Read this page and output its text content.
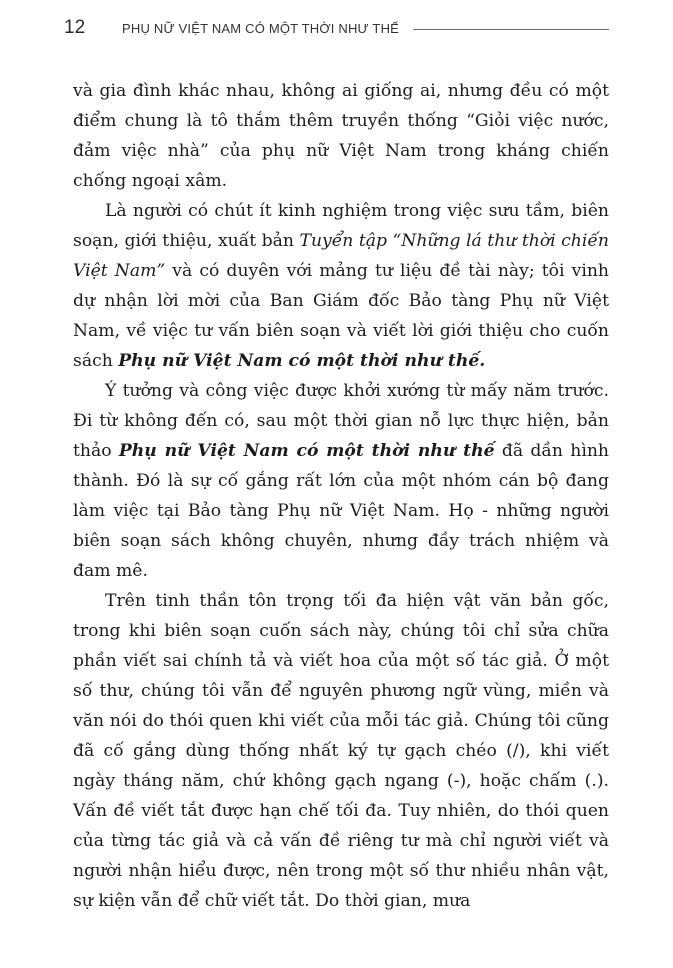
12	PHỤ NỮ VIỆT NAM CÓ MỘT THỜI NHƯ THẾ

và gia đình khác nhau, không ai giống ai, nhưng đều có một điểm chung là tô thắm thêm truyền thống “Giỏi việc nước, đảm việc nhà” của phụ nữ Việt Nam trong kháng chiến chống ngoại xâm.

Là người có chút ít kinh nghiệm trong việc sưu tầm, biên soạn, giới thiệu, xuất bản Tuyển tập “Những lá thư thời chiến Việt Nam” và có duyên với mảng tư liệu đề tài này; tôi vinh dự nhận lời mời của Ban Giám đốc Bảo tàng Phụ nữ Việt Nam, về việc tư vấn biên soạn và viết lời giới thiệu cho cuốn sách Phụ nữ Việt Nam có một thời như thế.

Ý tưởng và công việc được khởi xướng từ mấy năm trước. Đi từ không đến có, sau một thời gian nỗ lực thực hiện, bản thảo Phụ nữ Việt Nam có một thời như thế đã dần hình thành. Đó là sự cố gắng rất lớn của một nhóm cán bộ đang làm việc tại Bảo tàng Phụ nữ Việt Nam. Họ - những người biên soạn sách không chuyên, nhưng đầy trách nhiệm và đam mê.

Trên tinh thần tôn trọng tối đa hiện vật văn bản gốc, trong khi biên soạn cuốn sách này, chúng tôi chỉ sửa chữa phần viết sai chính tả và viết hoa của một số tác giả. Ở một số thư, chúng tôi vẫn để nguyên phương ngữ vùng, miền và văn nói do thói quen khi viết của mỗi tác giả. Chúng tôi cũng đã cố gắng dùng thống nhất ký tự gạch chéo (/), khi viết ngày tháng năm, chứ không gạch ngang (-), hoặc chấm (.). Vấn đề viết tắt được hạn chế tối đa. Tuy nhiên, do thói quen của từng tác giả và cả vấn đề riêng tư mà chỉ người viết và người nhận hiểu được, nên trong một số thư nhiều nhân vật, sự kiện vẫn để chữ viết tắt. Do thời gian, mưa
